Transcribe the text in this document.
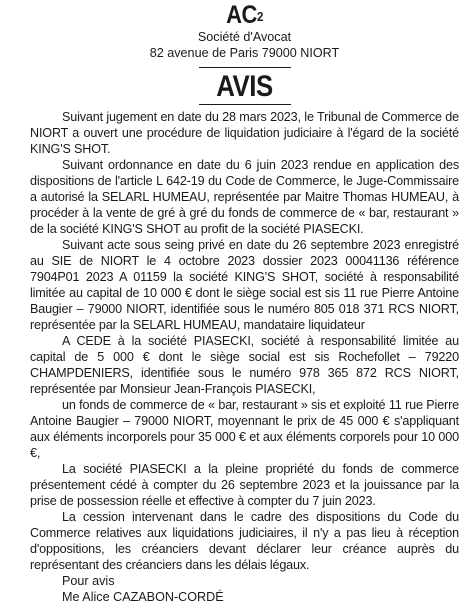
$AC^2$
Société d'Avocat
82 avenue de Paris 79000 NIORT
AVIS

Suivant jugement en date du 28 mars 2023, le Tribunal de Commerce de NIORT a ouvert une procédure de liquidation judiciaire à l'égard de la société KING'S SHOT.

Suivant ordonnance en date du 6 juin 2023 rendue en application des dispositions de l'article L 642-19 du Code de Commerce, le Juge-Commissaire a autorisé la SELARL HUMEAU, représentée par Maitre Thomas HUMEAU, à procéder à la vente de gré à gré du fonds de commerce de « bar, restaurant » de la société KING'S SHOT au profit de la société PIASECKI.

Suivant acte sous seing privé en date du 26 septembre 2023 enregistré au SIE de NIORT le 4 octobre 2023 dossier 2023 00041136 référence 7904P01 2023 A 01159 la société KING'S SHOT, société à responsabilité limitée au capital de 10 000 € dont le siège social est sis 11 rue Pierre Antoine Baugier – 79000 NIORT, identifiée sous le numéro 805 018 371 RCS NIORT, représentée par la SELARL HUMEAU, mandataire liquidateur

A CEDE à la société PIASECKI, société à responsabilité limitée au capital de 5 000 € dont le siège social est sis Rochefollet – 79220 CHAMPDENIERS, identifiée sous le numéro 978 365 872 RCS NIORT, représentée par Monsieur Jean-François PIASECKI,

un fonds de commerce de « bar, restaurant » sis et exploité 11 rue Pierre Antoine Baugier – 79000 NIORT, moyennant le prix de 45 000 € s'appliquant aux éléments incorporels pour 35 000 € et aux éléments corporels pour 10 000 €,

La société PIASECKI a la pleine propriété du fonds de commerce présentement cédé à compter du 26 septembre 2023 et la jouissance par la prise de possession réelle et effective à compter du 7 juin 2023.

La cession intervenant dans le cadre des dispositions du Code du Commerce relatives aux liquidations judiciaires, il n'y a pas lieu à réception d'oppositions, les créanciers devant déclarer leur créance auprès du représentant des créanciers dans les délais légaux.

Pour avis
Me Alice CAZABON-CORDÉ
